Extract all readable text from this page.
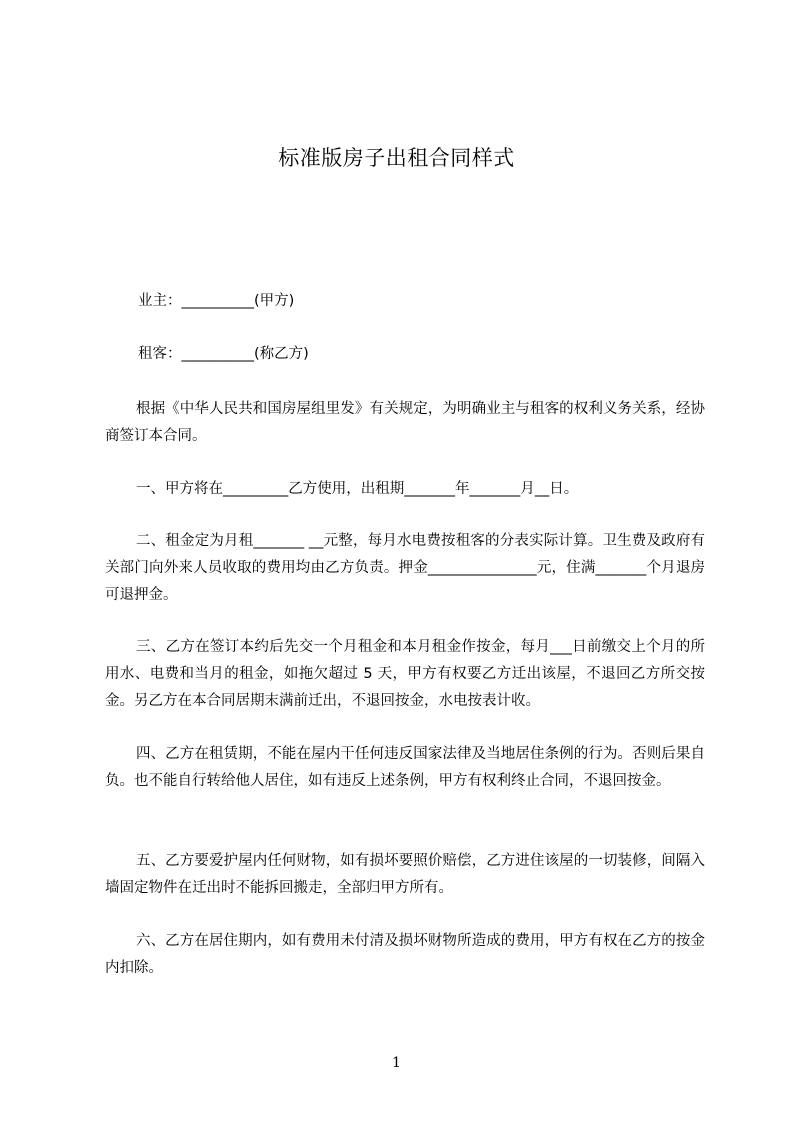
标准版房子出租合同样式
业主：__________(甲方)
租客：__________(称乙方)
根据《中华人民共和国房屋组里发》有关规定，为明确业主与租客的权利义务关系，经协商签订本合同。
一、甲方将在_________乙方使用，出租期_______年_______月__日。
二、租金定为月租_______ __元整，每月水电费按租客的分表实际计算。卫生费及政府有关部门向外来人员收取的费用均由乙方负责。押金_______________元，住满_______个月退房可退押金。
三、乙方在签订本约后先交一个月租金和本月租金作按金，每月___日前缴交上个月的所用水、电费和当月的租金，如拖欠超过 5 天，甲方有权要乙方迁出该屋，不退回乙方所交按金。另乙方在本合同居期末满前迁出，不退回按金，水电按表计收。
四、乙方在租赁期，不能在屋内干任何违反国家法律及当地居住条例的行为。否则后果自负。也不能自行转给他人居住，如有违反上述条例，甲方有权利终止合同，不退回按金。
五、乙方要爱护屋内任何财物，如有损坏要照价赔偿，乙方进住该屋的一切装修，间隔入墙固定物件在迁出时不能拆回搬走，全部归甲方所有。
六、乙方在居住期内，如有费用未付清及损坏财物所造成的费用，甲方有权在乙方的按金内扣除。
1
